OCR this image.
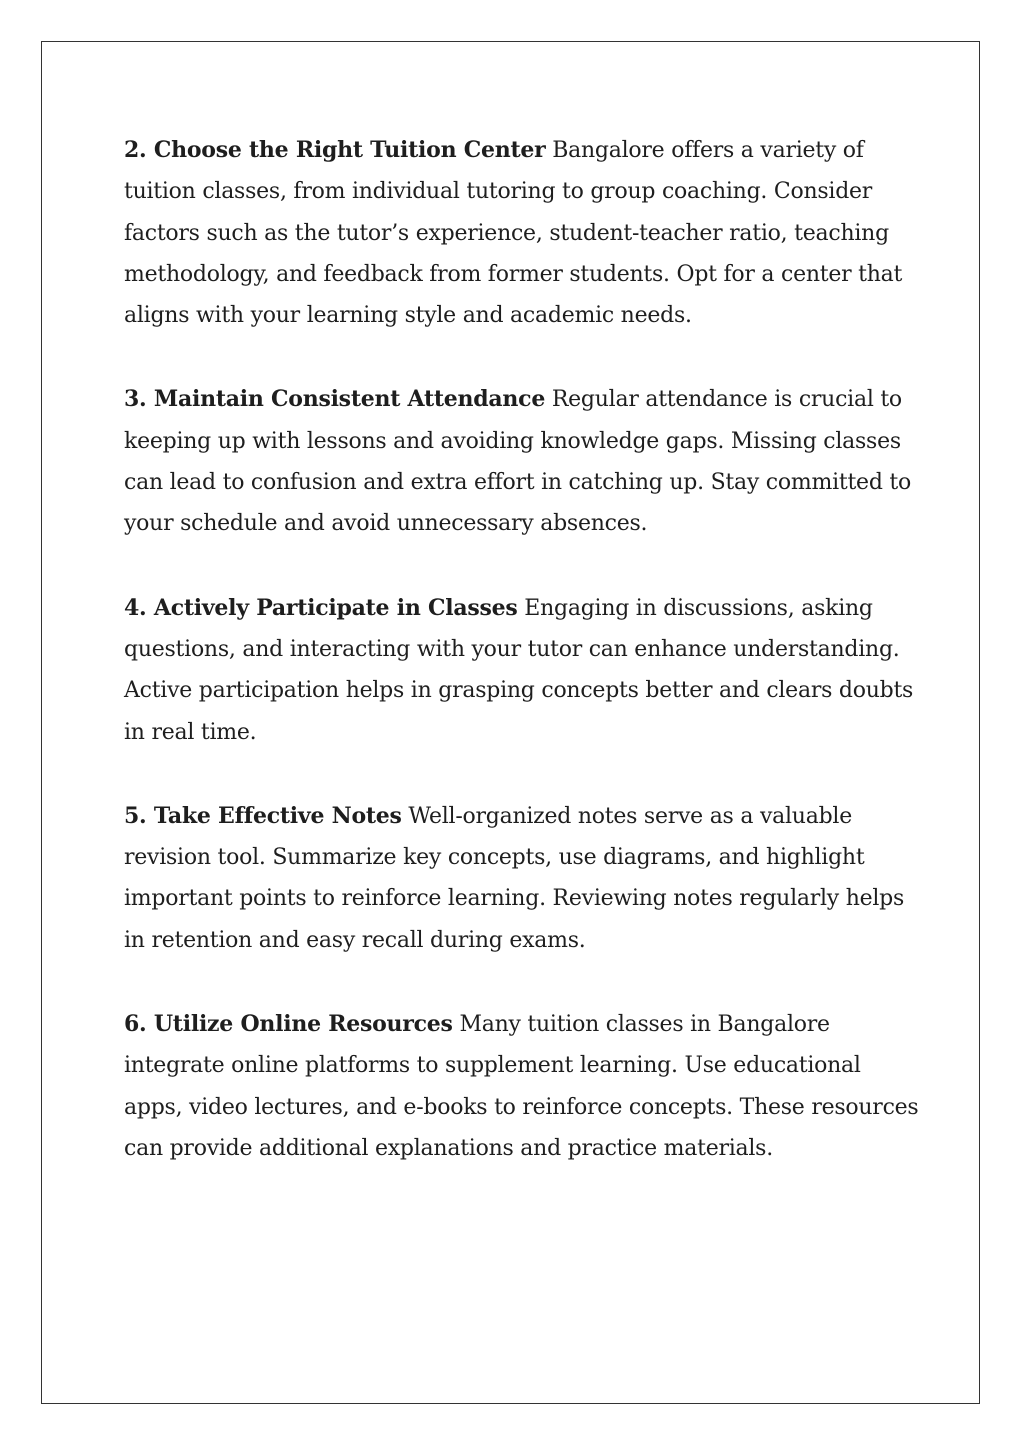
2. Choose the Right Tuition Center Bangalore offers a variety of tuition classes, from individual tutoring to group coaching. Consider factors such as the tutor’s experience, student-teacher ratio, teaching methodology, and feedback from former students. Opt for a center that aligns with your learning style and academic needs.

3. Maintain Consistent Attendance Regular attendance is crucial to keeping up with lessons and avoiding knowledge gaps. Missing classes can lead to confusion and extra effort in catching up. Stay committed to your schedule and avoid unnecessary absences.

4. Actively Participate in Classes Engaging in discussions, asking questions, and interacting with your tutor can enhance understanding. Active participation helps in grasping concepts better and clears doubts in real time.

5. Take Effective Notes Well-organized notes serve as a valuable revision tool. Summarize key concepts, use diagrams, and highlight important points to reinforce learning. Reviewing notes regularly helps in retention and easy recall during exams.

6. Utilize Online Resources Many tuition classes in Bangalore integrate online platforms to supplement learning. Use educational apps, video lectures, and e-books to reinforce concepts. These resources can provide additional explanations and practice materials.
